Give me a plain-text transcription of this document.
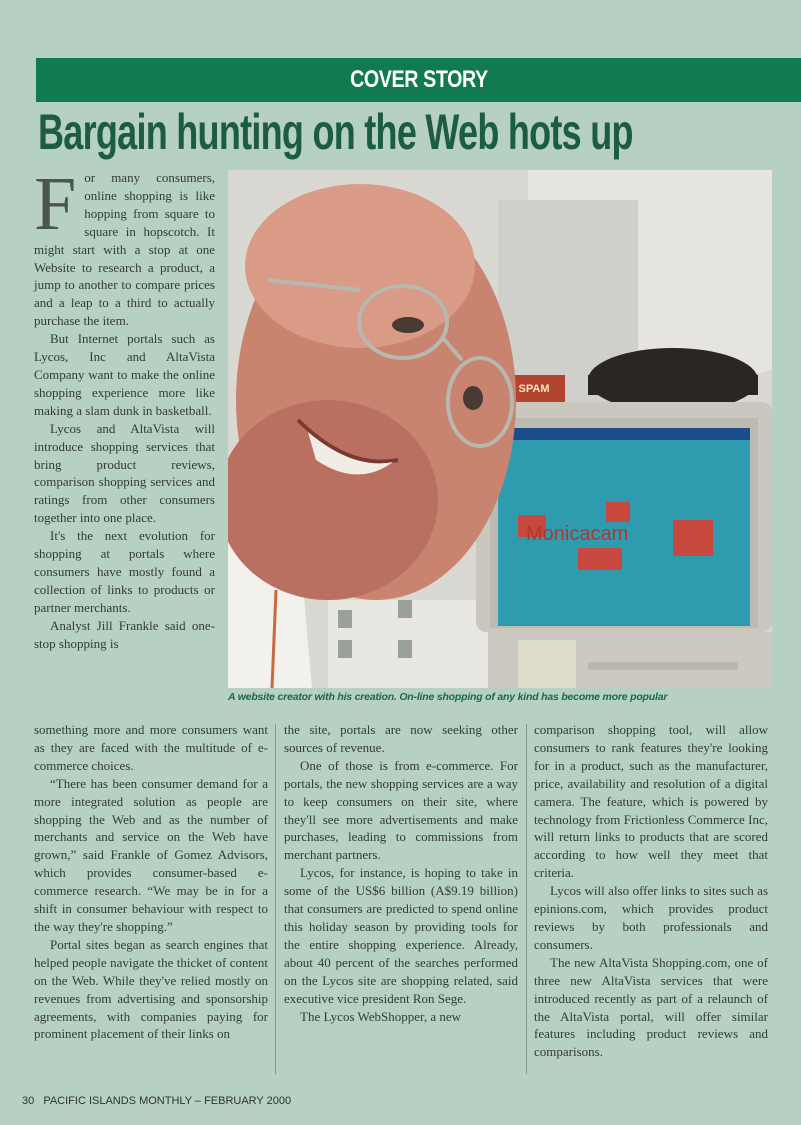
COVER STORY
Bargain hunting on the Web hots up
SPAM
Monicacam
A website creator with his creation. On-line shopping of any kind has become more popular
F or many consumers, online shopping is like hopping from square to square in hopscotch. It might start with a stop at one Website to research a product, a jump to another to compare prices and a leap to a third to actually purchase the item.

But Internet portals such as Lycos, Inc and AltaVista Company want to make the online shopping experience more like making a slam dunk in basketball.

Lycos and AltaVista will introduce shopping services that bring product reviews, comparison shopping services and ratings from other consumers together into one place.

It's the next evolution for shopping at portals where consumers have mostly found a collection of links to products or partner merchants.

Analyst Jill Frankle said one-stop shopping is

something more and more consumers want as they are faced with the multitude of e-commerce choices.

“There has been consumer demand for a more integrated solution as people are shopping the Web and as the number of merchants and service on the Web have grown,” said Frankle of Gomez Advisors, which provides consumer-based e-commerce research. “We may be in for a shift in consumer behaviour with respect to the way they're shopping.”

Portal sites began as search engines that helped people navigate the thicket of content on the Web. While they've relied mostly on revenues from advertising and sponsorship agreements, with companies paying for prominent placement of their links on

the site, portals are now seeking other sources of revenue.

One of those is from e-commerce. For portals, the new shopping services are a way to keep consumers on their site, where they'll see more advertisements and make purchases, leading to commissions from merchant partners.

Lycos, for instance, is hoping to take in some of the US$6 billion (A$9.19 billion) that consumers are predicted to spend online this holiday season by providing tools for the entire shopping experience. Already, about 40 percent of the searches performed on the Lycos site are shopping related, said executive vice president Ron Sege.

The Lycos WebShopper, a new

comparison shopping tool, will allow consumers to rank features they're looking for in a product, such as the manufacturer, price, availability and resolution of a digital camera. The feature, which is powered by technology from Frictionless Commerce Inc, will return links to products that are scored according to how well they meet that criteria.

Lycos will also offer links to sites such as epinions.com, which provides product reviews by both professionals and consumers.

The new AltaVista Shopping.com, one of three new AltaVista services that were introduced recently as part of a relaunch of the AltaVista portal, will offer similar features including product reviews and comparisons.

30 PACIFIC ISLANDS MONTHLY – FEBRUARY 2000
